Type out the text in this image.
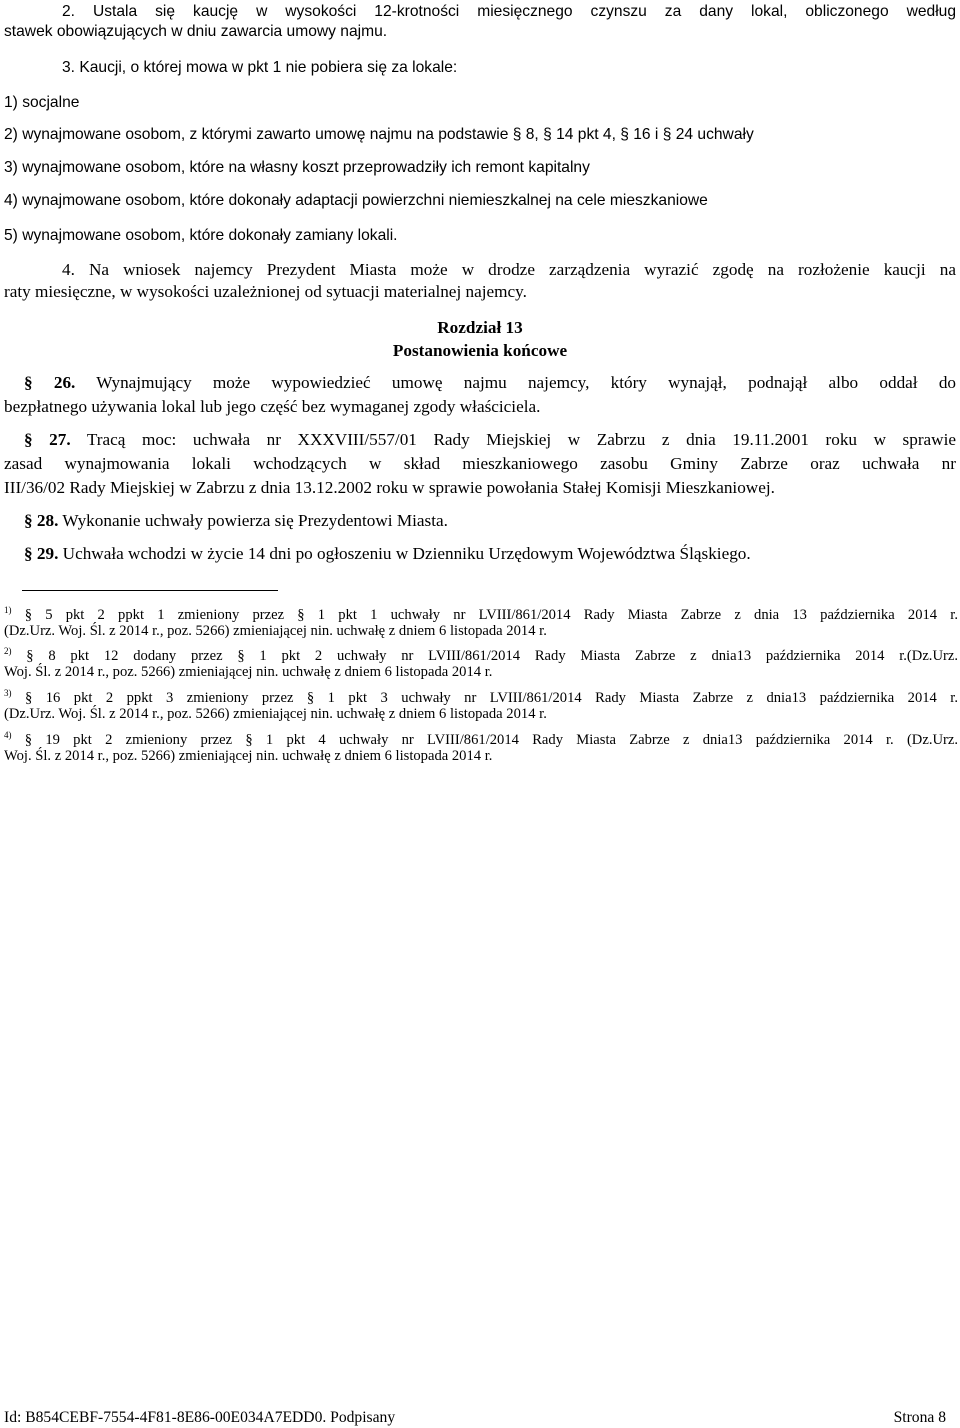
2. Ustala się kaucję w wysokości 12-krotności miesięcznego czynszu za dany lokal, obliczonego według
stawek obowiązujących w dniu zawarcia umowy najmu.
3. Kaucji, o której mowa w pkt 1 nie pobiera się za lokale:
1) socjalne
2) wynajmowane osobom, z którymi zawarto umowę najmu na podstawie § 8, § 14 pkt 4, § 16 i § 24 uchwały
3) wynajmowane osobom, które na własny koszt przeprowadziły ich remont kapitalny
4) wynajmowane osobom, które dokonały adaptacji powierzchni niemieszkalnej na cele mieszkaniowe
5) wynajmowane osobom, które dokonały zamiany lokali.
4. Na wniosek najemcy Prezydent Miasta może w drodze zarządzenia wyrazić zgodę na rozłożenie kaucji na
raty miesięczne, w wysokości uzależnionej od sytuacji materialnej najemcy.
Rozdział 13
Postanowienia końcowe
§ 26. Wynajmujący może wypowiedzieć umowę najmu najemcy, który wynajął, podnajął albo oddał do
bezpłatnego używania lokal lub jego część bez wymaganej zgody właściciela.
§ 27. Tracą moc: uchwała nr XXXVIII/557/01 Rady Miejskiej w Zabrzu z dnia 19.11.2001 roku w sprawie
zasad wynajmowania lokali wchodzących w skład mieszkaniowego zasobu Gminy Zabrze oraz uchwała nr
III/36/02 Rady Miejskiej w Zabrzu z dnia 13.12.2002 roku w sprawie powołania Stałej Komisji Mieszkaniowej.
§ 28. Wykonanie uchwały powierza się Prezydentowi Miasta.
§ 29. Uchwała wchodzi w życie 14 dni po ogłoszeniu w Dzienniku Urzędowym Województwa Śląskiego.
$^{1)}$ § 5 pkt 2 ppkt 1 zmieniony przez § 1 pkt 1 uchwały nr LVIII/861/2014 Rady Miasta Zabrze z dnia 13 października 2014 r.
(Dz.Urz. Woj. Śl. z 2014 r., poz. 5266) zmieniającej nin. uchwałę z dniem 6 listopada 2014 r.
$^{2)}$ § 8 pkt 12 dodany przez § 1 pkt 2 uchwały nr LVIII/861/2014 Rady Miasta Zabrze z dnia13 października 2014 r.(Dz.Urz.
Woj. Śl. z 2014 r., poz. 5266) zmieniającej nin. uchwałę z dniem 6 listopada 2014 r.
$^{3)}$ § 16 pkt 2 ppkt 3 zmieniony przez § 1 pkt 3 uchwały nr LVIII/861/2014 Rady Miasta Zabrze z dnia13 października 2014 r.
(Dz.Urz. Woj. Śl. z 2014 r., poz. 5266) zmieniającej nin. uchwałę z dniem 6 listopada 2014 r.
$^{4)}$ § 19 pkt 2 zmieniony przez § 1 pkt 4 uchwały nr LVIII/861/2014 Rady Miasta Zabrze z dnia13 października 2014 r. (Dz.Urz.
Woj. Śl. z 2014 r., poz. 5266) zmieniającej nin. uchwałę z dniem 6 listopada 2014 r.
Id: B854CEBF-7554-4F81-8E86-00E034A7EDD0. Podpisany	Strona 8
